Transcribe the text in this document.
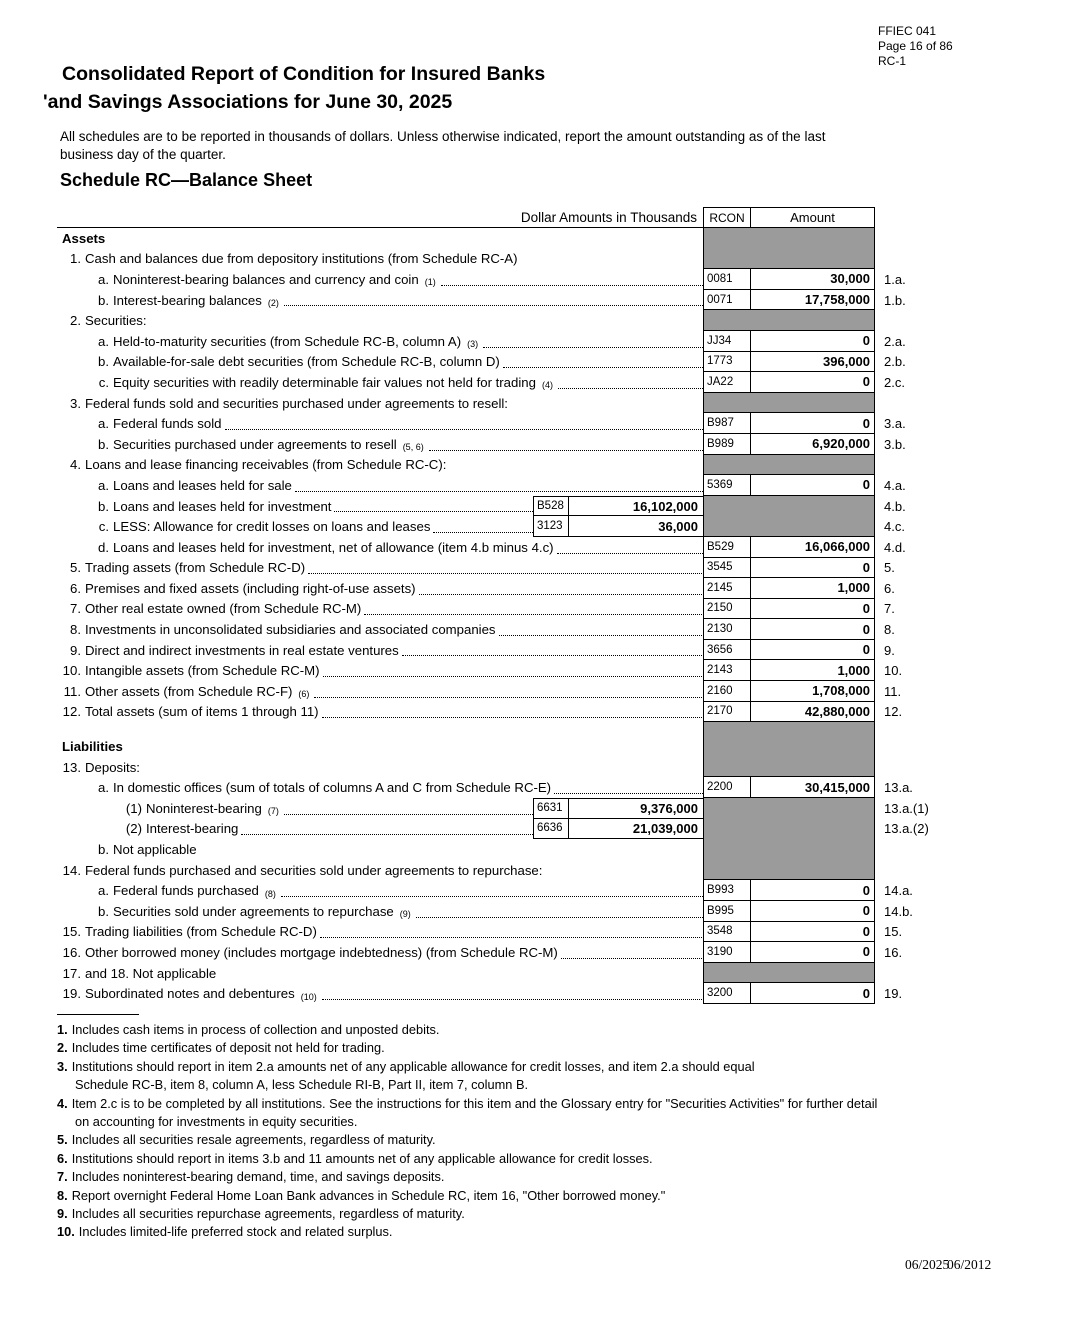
FFIEC 041
Page 16 of 86
RC-1
Consolidated Report of Condition for Insured Banks
'and Savings Associations for June 30, 2025
All schedules are to be reported in thousands of dollars. Unless otherwise indicated, report the amount outstanding as of the last business day of the quarter.
Schedule RC—Balance Sheet
Dollar Amounts in Thousands	RCON	Amount
Assets
1. Cash and balances due from depository institutions (from Schedule RC-A)
a. Noninterest-bearing balances and currency and coin (1)	0081	30,000	1.a.
b. Interest-bearing balances (2)	0071	17,758,000	1.b.
2. Securities:
a. Held-to-maturity securities (from Schedule RC-B, column A) (3)	JJ34	0	2.a.
b. Available-for-sale debt securities (from Schedule RC-B, column D)	1773	396,000	2.b.
c. Equity securities with readily determinable fair values not held for trading (4)	JA22	0	2.c.
3. Federal funds sold and securities purchased under agreements to resell:
a. Federal funds sold	B987	0	3.a.
b. Securities purchased under agreements to resell (5, 6)	B989	6,920,000	3.b.
4. Loans and lease financing receivables (from Schedule RC-C):
a. Loans and leases held for sale	5369	0	4.a.
b. Loans and leases held for investment	B528	16,102,000	4.b.
c. LESS: Allowance for credit losses on loans and leases	3123	36,000	4.c.
d. Loans and leases held for investment, net of allowance (item 4.b minus 4.c)	B529	16,066,000	4.d.
5. Trading assets (from Schedule RC-D)	3545	0	5.
6. Premises and fixed assets (including right-of-use assets)	2145	1,000	6.
7. Other real estate owned (from Schedule RC-M)	2150	0	7.
8. Investments in unconsolidated subsidiaries and associated companies	2130	0	8.
9. Direct and indirect investments in real estate ventures	3656	0	9.
10. Intangible assets (from Schedule RC-M)	2143	1,000	10.
11. Other assets (from Schedule RC-F) (6)	2160	1,708,000	11.
12. Total assets (sum of items 1 through 11)	2170	42,880,000	12.
Liabilities
13. Deposits:
a. In domestic offices (sum of totals of columns A and C from Schedule RC-E)	2200	30,415,000	13.a.
(1) Noninterest-bearing (7)	6631	9,376,000	13.a.(1)
(2) Interest-bearing	6636	21,039,000	13.a.(2)
b. Not applicable
14. Federal funds purchased and securities sold under agreements to repurchase:
a. Federal funds purchased (8)	B993	0	14.a.
b. Securities sold under agreements to repurchase (9)	B995	0	14.b.
15. Trading liabilities (from Schedule RC-D)	3548	0	15.
16. Other borrowed money (includes mortgage indebtedness) (from Schedule RC-M)	3190	0	16.
17. and 18. Not applicable
19. Subordinated notes and debentures (10)	3200	0	19.
1. Includes cash items in process of collection and unposted debits.
2. Includes time certificates of deposit not held for trading.
3. Institutions should report in item 2.a amounts net of any applicable allowance for credit losses, and item 2.a should equal
Schedule RC-B, item 8, column A, less Schedule RI-B, Part II, item 7, column B.
4. Item 2.c is to be completed by all institutions. See the instructions for this item and the Glossary entry for "Securities Activities" for further detail
on accounting for investments in equity securities.
5. Includes all securities resale agreements, regardless of maturity.
6. Institutions should report in items 3.b and 11 amounts net of any applicable allowance for credit losses.
7. Includes noninterest-bearing demand, time, and savings deposits.
8. Report overnight Federal Home Loan Bank advances in Schedule RC, item 16, "Other borrowed money."
9. Includes all securities repurchase agreements, regardless of maturity.
10. Includes limited-life preferred stock and related surplus.
06/2025
06/2012
